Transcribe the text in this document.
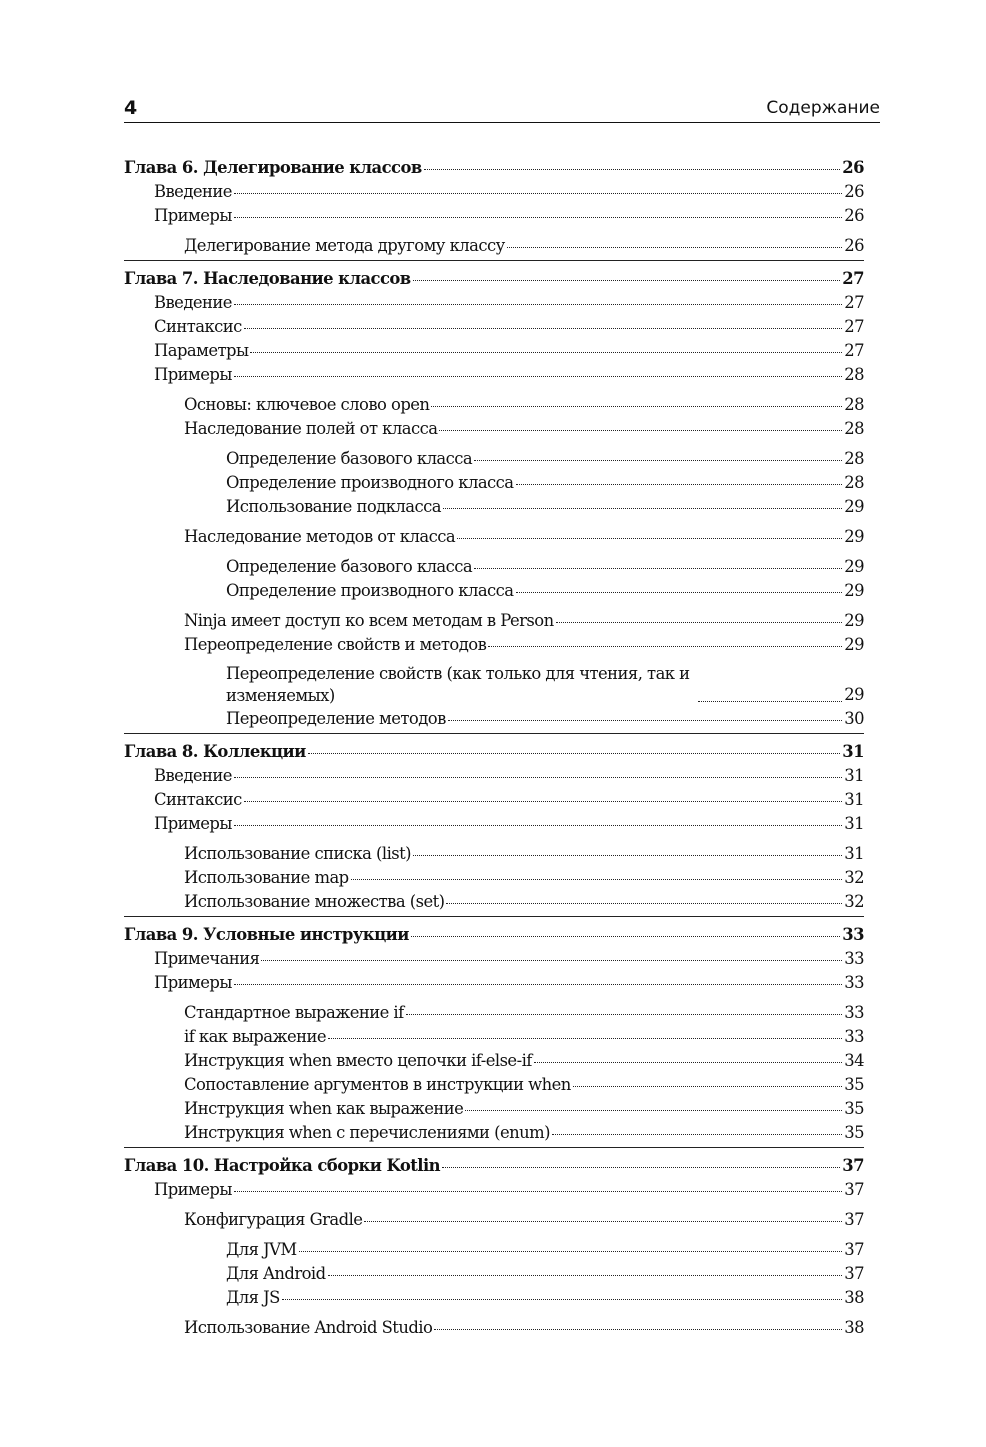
4	Содержание
Глава 6. Делегирование классов	26
Введение	26
Примеры	26
Делегирование метода другому классу	26
Глава 7. Наследование классов	27
Введение	27
Синтаксис	27
Параметры	27
Примеры	28
Основы: ключевое слово open	28
Наследование полей от класса	28
Определение базового класса	28
Определение производного класса	28
Использование подкласса	29
Наследование методов от класса	29
Определение базового класса	29
Определение производного класса	29
Ninja имеет доступ ко всем методам в Person	29
Переопределение свойств и методов	29
Переопределение свойств (как только для чтения, так и изменяемых)	29
Переопределение методов	30
Глава 8. Коллекции	31
Введение	31
Синтаксис	31
Примеры	31
Использование списка (list)	31
Использование map	32
Использование множества (set)	32
Глава 9. Условные инструкции	33
Примечания	33
Примеры	33
Стандартное выражение if	33
if как выражение	33
Инструкция when вместо цепочки if-else-if	34
Сопоставление аргументов в инструкции when	35
Инструкция when как выражение	35
Инструкция when с перечислениями (enum)	35
Глава 10. Настройка сборки Kotlin	37
Примеры	37
Конфигурация Gradle	37
Для JVM	37
Для Android	37
Для JS	38
Использование Android Studio	38
